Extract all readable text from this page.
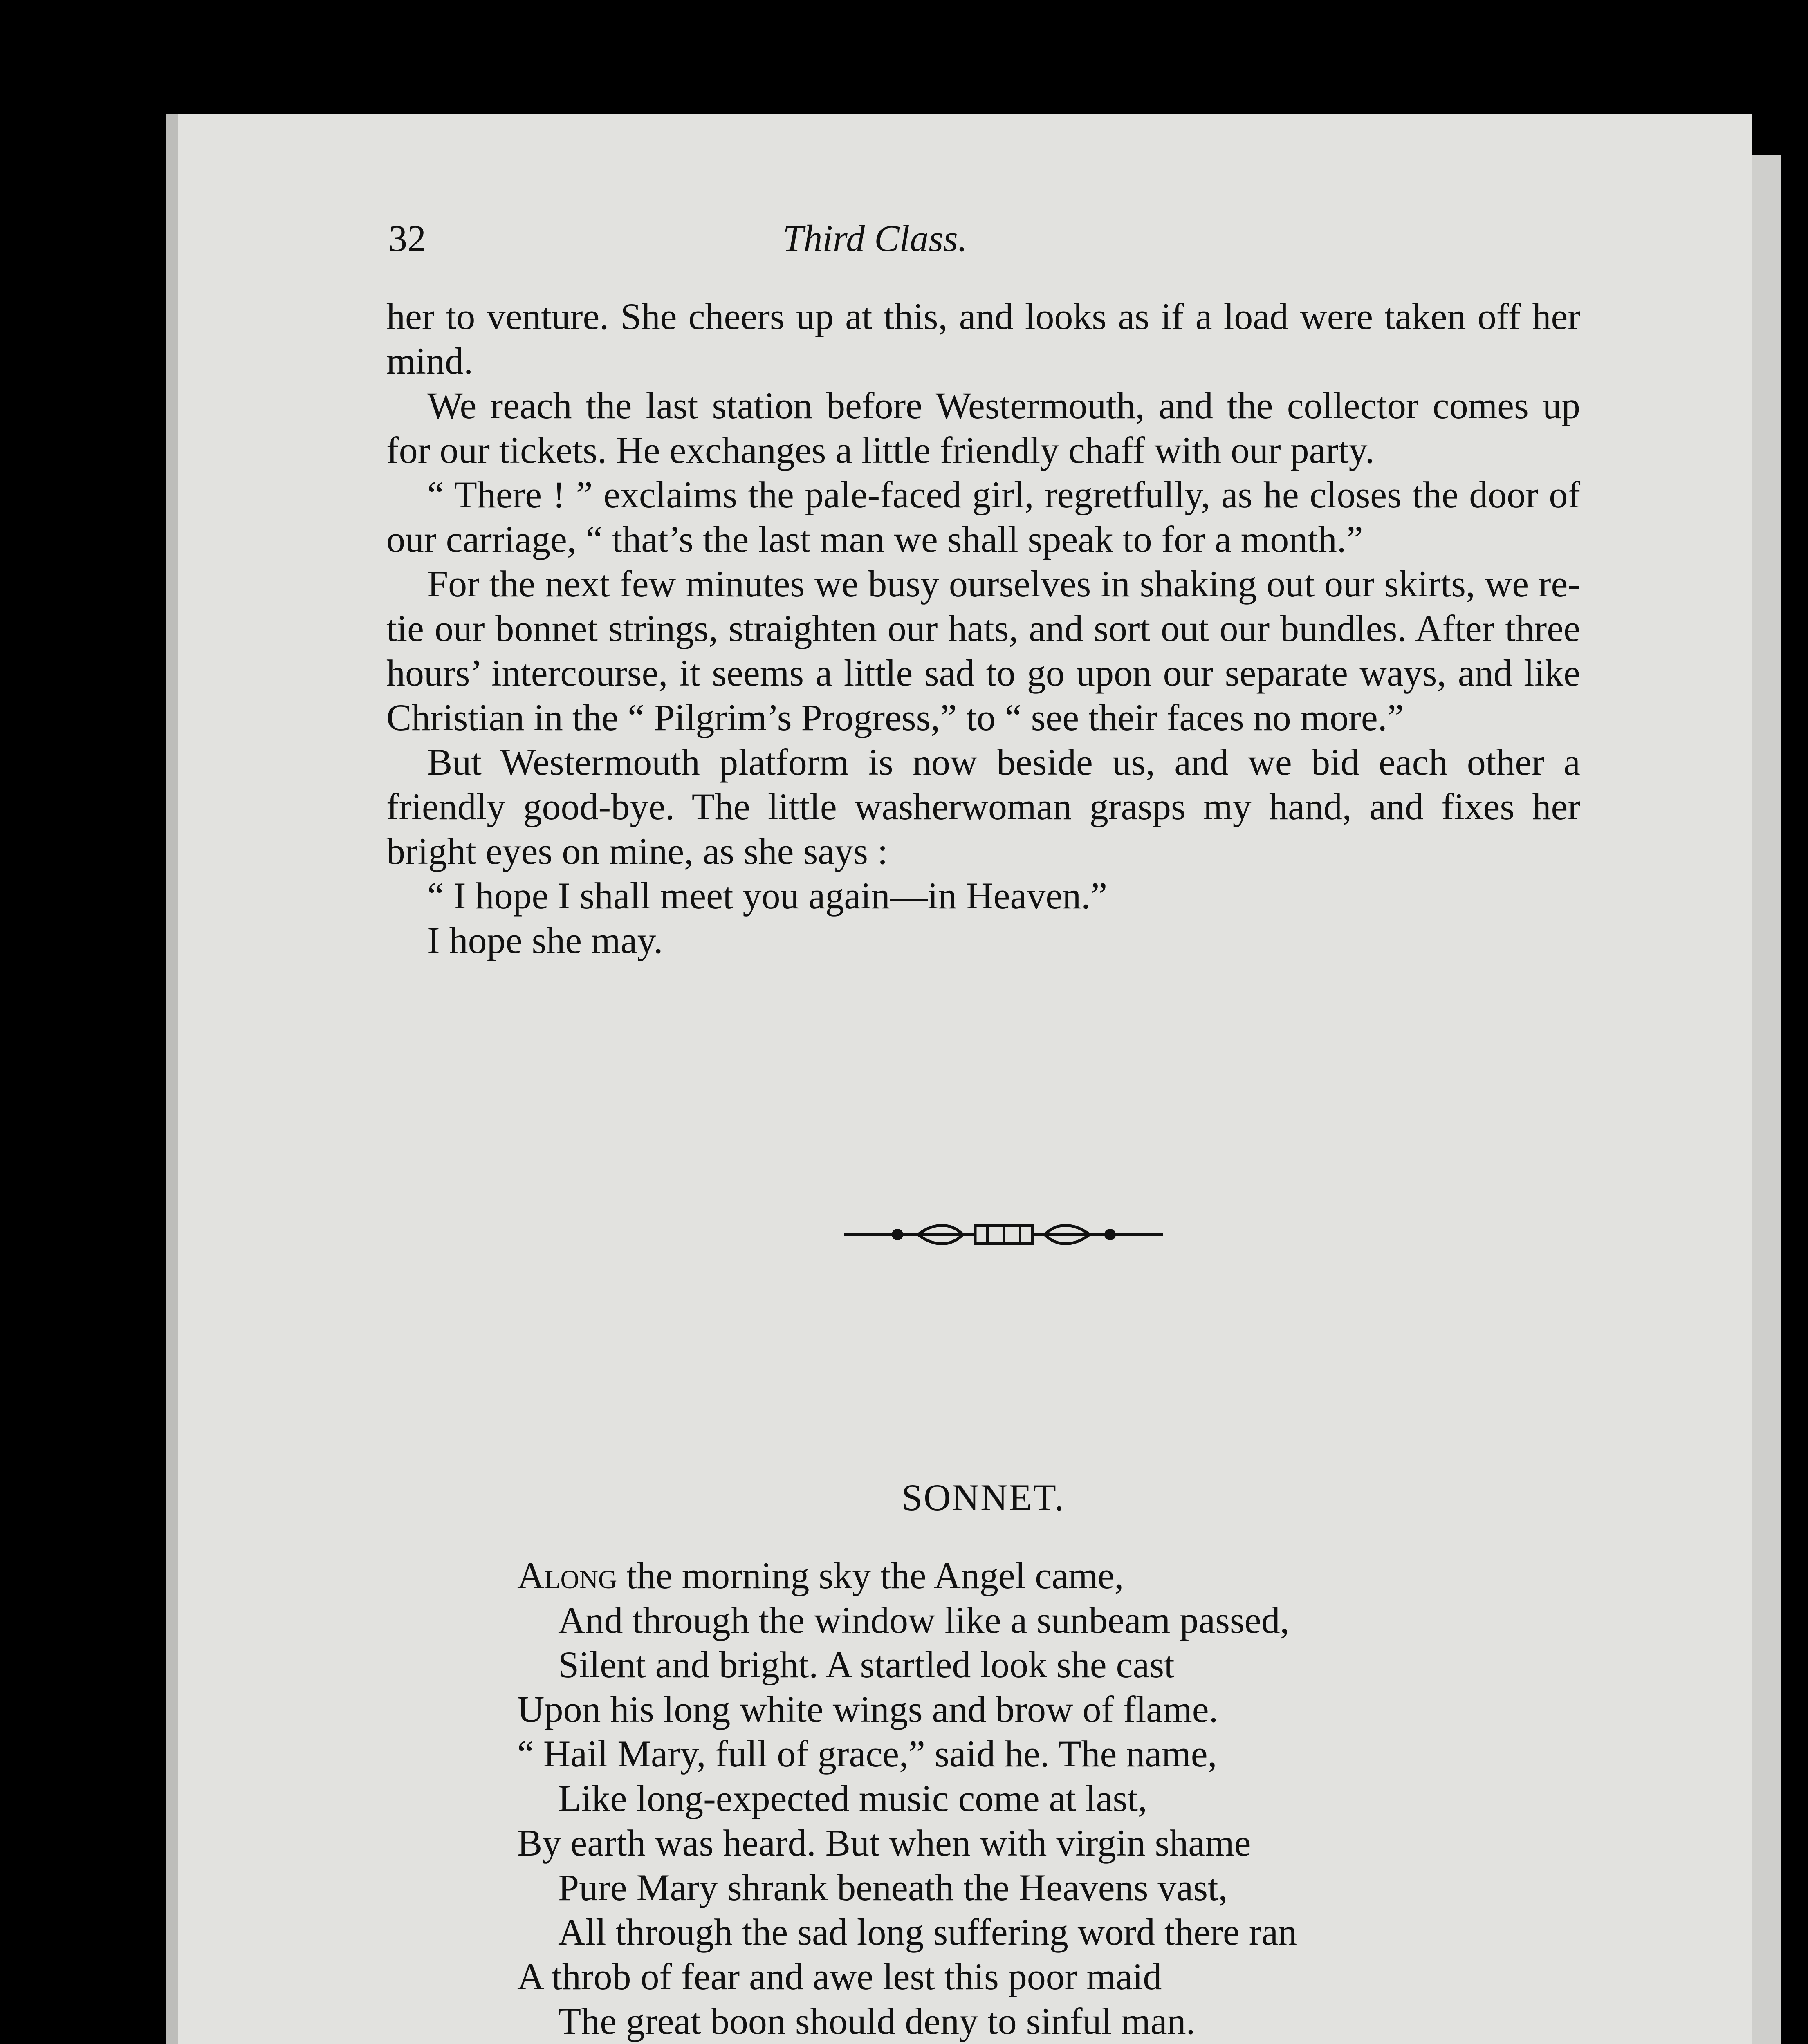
32	Third Class.

her to venture. She cheers up at this, and looks as if a load were taken off her mind.

We reach the last station before Westermouth, and the collector comes up for our tickets. He exchanges a little friendly chaff with our party.

“ There ! ” exclaims the pale-faced girl, regretfully, as he closes the door of our carriage, “ that’s the last man we shall speak to for a month.”

For the next few minutes we busy ourselves in shaking out our skirts, we re-tie our bonnet strings, straighten our hats, and sort out our bundles. After three hours’ intercourse, it seems a little sad to go upon our separate ways, and like Christian in the “ Pilgrim’s Progress,” to “ see their faces no more.”

But Westermouth platform is now beside us, and we bid each other a friendly good-bye. The little washerwoman grasps my hand, and fixes her bright eyes on mine, as she says :

“ I hope I shall meet you again—in Heaven.”

I hope she may.

SONNET.
Along the morning sky the Angel came,
And through the window like a sunbeam passed,
Silent and bright. A startled look she cast
Upon his long white wings and brow of flame.
“ Hail Mary, full of grace,” said he. The name,
Like long-expected music come at last,
By earth was heard. But when with virgin shame
Pure Mary shrank beneath the Heavens vast,
All through the sad long suffering word there ran
A throb of fear and awe lest this poor maid
The great boon should deny to sinful man.
